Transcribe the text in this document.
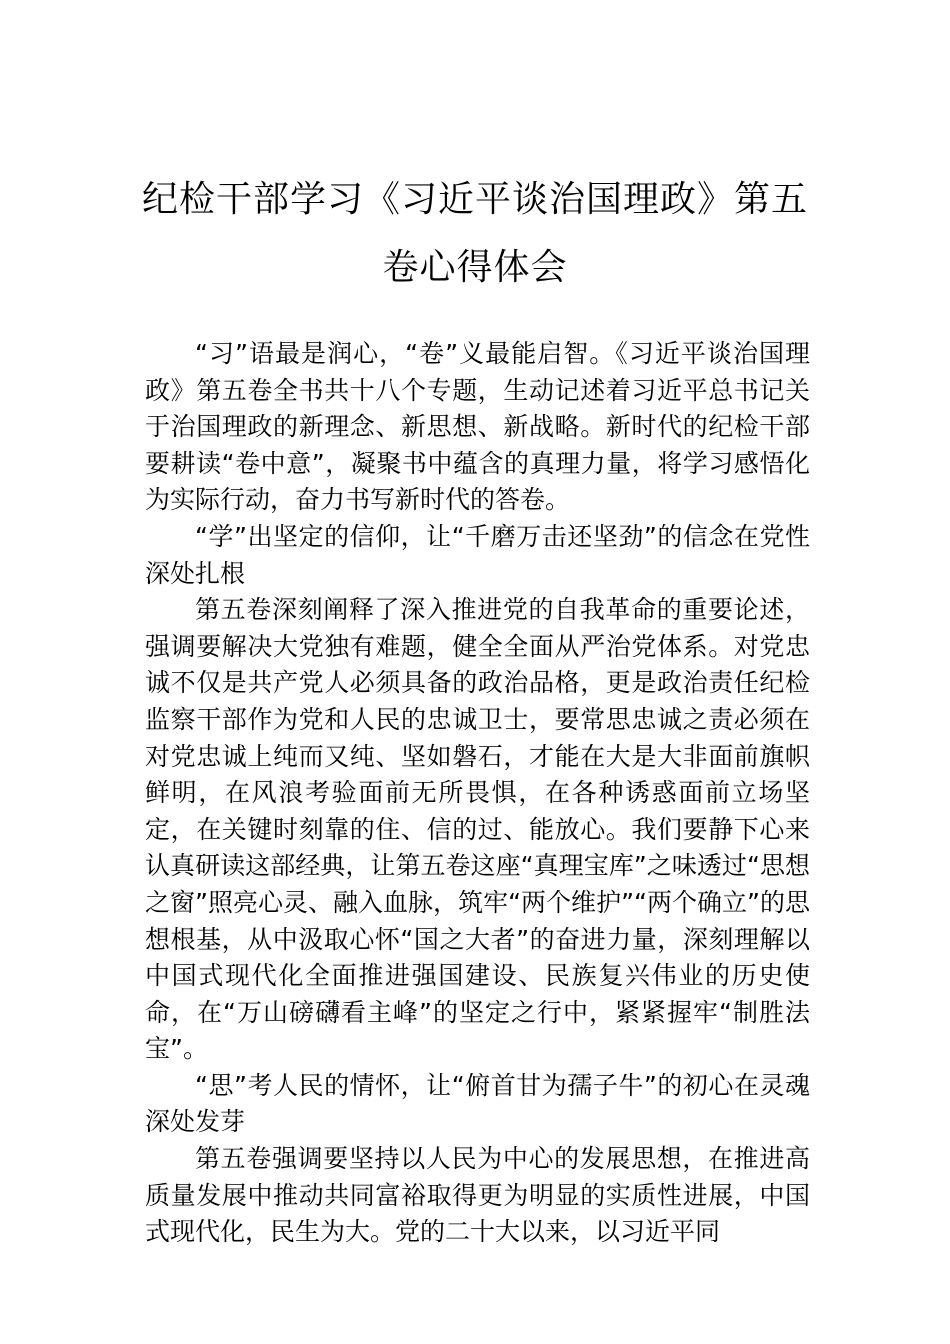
纪检干部学习《习近平谈治国理政》第五
卷心得体会

“习”语最是润心，“卷”义最能启智。《习近平谈治国理政》第五卷全书共十八个专题，生动记述着习近平总书记关于治国理政的新理念、新思想、新战略。新时代的纪检干部要耕读“卷中意”，凝聚书中蕴含的真理力量，将学习感悟化为实际行动，奋力书写新时代的答卷。

“学”出坚定的信仰，让“千磨万击还坚劲”的信念在党性深处扎根

第五卷深刻阐释了深入推进党的自我革命的重要论述，强调要解决大党独有难题，健全全面从严治党体系。对党忠诚不仅是共产党人必须具备的政治品格，更是政治责任纪检监察干部作为党和人民的忠诚卫士，要常思忠诚之责必须在对党忠诚上纯而又纯、坚如磐石，才能在大是大非面前旗帜鲜明，在风浪考验面前无所畏惧，在各种诱惑面前立场坚定，在关键时刻靠的住、信的过、能放心。我们要静下心来认真研读这部经典，让第五卷这座“真理宝库”之味透过“思想之窗”照亮心灵、融入血脉，筑牢“两个维护”“两个确立”的思想根基，从中汲取心怀“国之大者”的奋进力量，深刻理解以中国式现代化全面推进强国建设、民族复兴伟业的历史使命，在“万山磅礴看主峰”的坚定之行中，紧紧握牢“制胜法宝”。

“思”考人民的情怀，让“俯首甘为孺子牛”的初心在灵魂深处发芽

第五卷强调要坚持以人民为中心的发展思想，在推进高质量发展中推动共同富裕取得更为明显的实质性进展，中国式现代化，民生为大。党的二十大以来，以习近平同
